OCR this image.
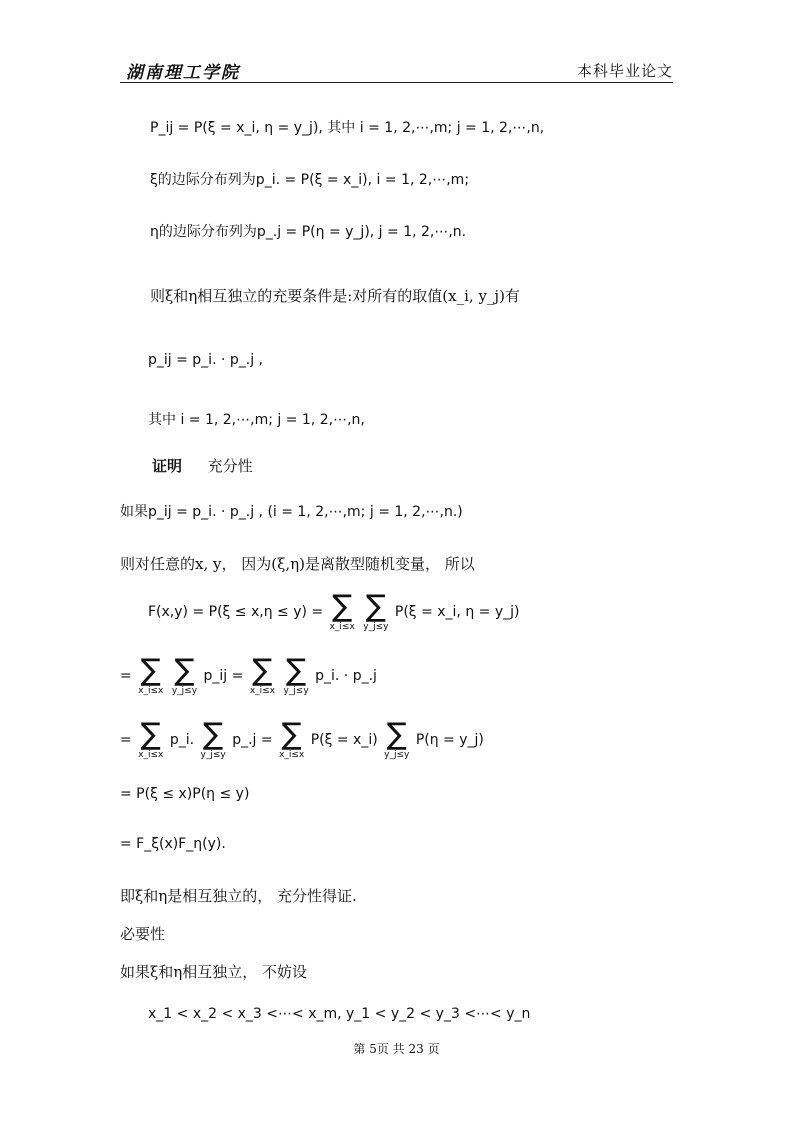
湖南理工学院	本科毕业论文
P_ij = P(ξ = x_i, η = y_j), 其中 i = 1, 2,⋯,m; j = 1, 2,⋯,n,
ξ的边际分布列为p_i. = P(ξ = x_i), i = 1, 2,⋯,m;
η的边际分布列为p_.j = P(η = y_j), j = 1, 2,⋯,n.
则ξ和η相互独立的充要条件是:对所有的取值(x_i, y_j)有
p_ij = p_i. · p_.j ,
其中 i = 1, 2,⋯,m; j = 1, 2,⋯,n,
证明 充分性
如果p_ij = p_i. · p_.j , (i = 1, 2,⋯,m; j = 1, 2,⋯,n.)
则对任意的x, y， 因为(ξ,η)是离散型随机变量， 所以
F(x,y) = P(ξ ≤ x,η ≤ y) = ∑
x_i≤x

∑
y_j≤y
P(ξ = x_i, η = y_j)
= ∑
x_i≤x

∑
y_j≤y
p_ij = ∑
x_i≤x

∑
y_j≤y
p_i. · p_.j
= ∑
x_i≤x
p_i. ∑
y_j≤y
p_.j = ∑
x_i≤x
P(ξ = x_i) ∑
y_j≤y
P(η = y_j)
= P(ξ ≤ x)P(η ≤ y)
= F_ξ(x)F_η(y).
即ξ和η是相互独立的， 充分性得证.
必要性
如果ξ和η相互独立， 不妨设
x_1 < x_2 < x_3 <⋯< x_m, y_1 < y_2 < y_3 <⋯< y_n
第 5页 共 23 页
